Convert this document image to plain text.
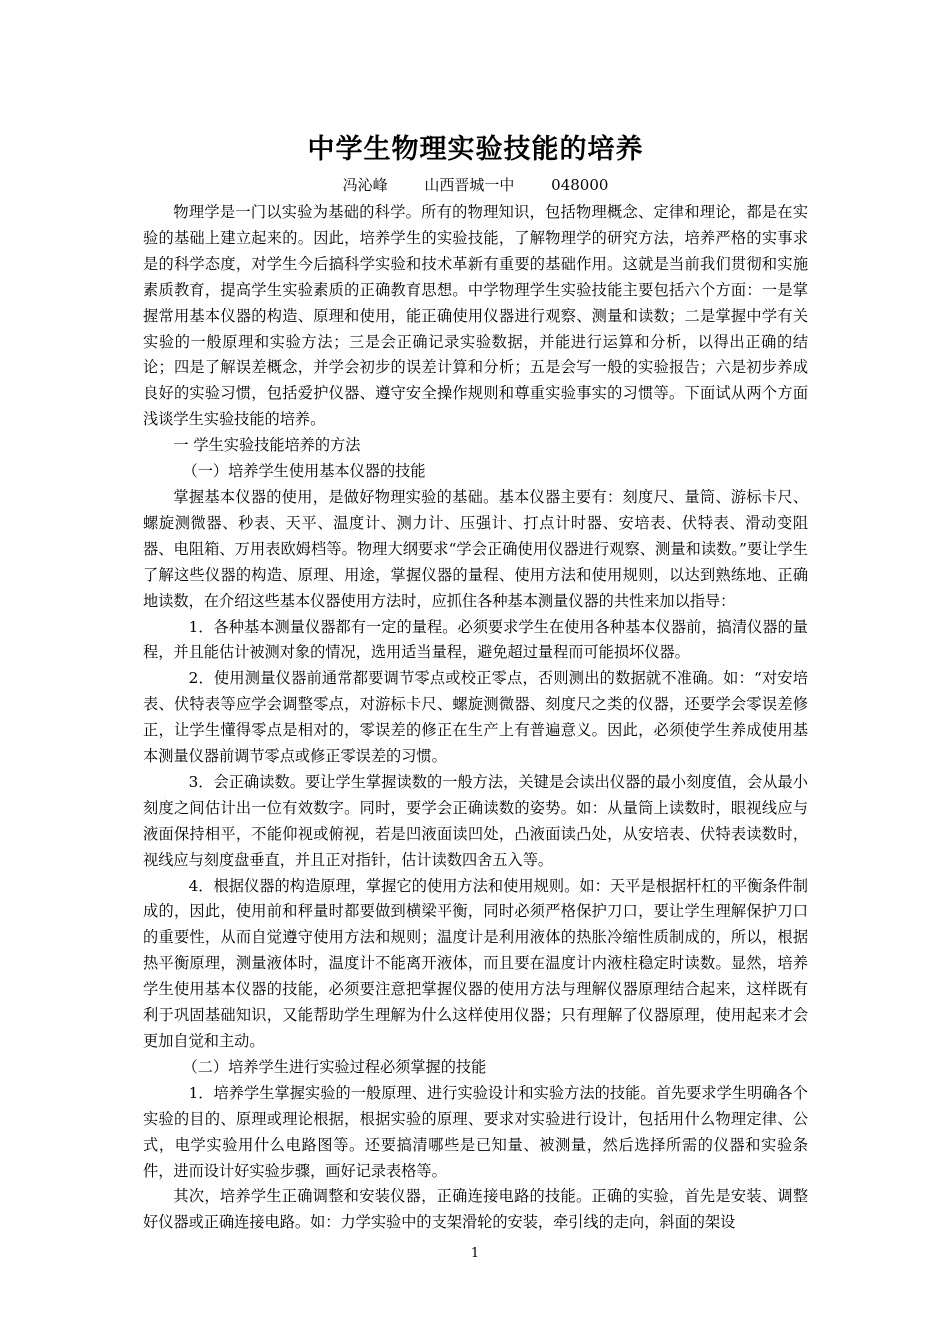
中学生物理实验技能的培养
冯沁峰 山西晋城一中 048000

物理学是一门以实验为基础的科学。所有的物理知识，包括物理概念、定律和理论，都是在实验的基础上建立起来的。因此，培养学生的实验技能，了解物理学的研究方法，培养严格的实事求是的科学态度，对学生今后搞科学实验和技术革新有重要的基础作用。这就是当前我们贯彻和实施素质教育，提高学生实验素质的正确教育思想。中学物理学生实验技能主要包括六个方面：一是掌握常用基本仪器的构造、原理和使用，能正确使用仪器进行观察、测量和读数；二是掌握中学有关实验的一般原理和实验方法；三是会正确记录实验数据，并能进行运算和分析，以得出正确的结论；四是了解误差概念，并学会初步的误差计算和分析；五是会写一般的实验报告；六是初步养成良好的实验习惯，包括爱护仪器、遵守安全操作规则和尊重实验事实的习惯等。下面试从两个方面浅谈学生实验技能的培养。

一 学生实验技能培养的方法

（一）培养学生使用基本仪器的技能

掌握基本仪器的使用，是做好物理实验的基础。基本仪器主要有：刻度尺、量筒、游标卡尺、螺旋测微器、秒表、天平、温度计、测力计、压强计、打点计时器、安培表、伏特表、滑动变阻器、电阻箱、万用表欧姆档等。物理大纲要求“学会正确使用仪器进行观察、测量和读数。”要让学生了解这些仪器的构造、原理、用途，掌握仪器的量程、使用方法和使用规则，以达到熟练地、正确地读数，在介绍这些基本仪器使用方法时，应抓住各种基本测量仪器的共性来加以指导：

1．各种基本测量仪器都有一定的量程。必须要求学生在使用各种基本仪器前，搞清仪器的量程，并且能估计被测对象的情况，选用适当量程，避免超过量程而可能损坏仪器。

2．使用测量仪器前通常都要调节零点或校正零点，否则测出的数据就不准确。如：“对安培表、伏特表等应学会调整零点，对游标卡尺、螺旋测微器、刻度尺之类的仪器，还要学会零误差修正，让学生懂得零点是相对的，零误差的修正在生产上有普遍意义。因此，必须使学生养成使用基本测量仪器前调节零点或修正零误差的习惯。

3．会正确读数。要让学生掌握读数的一般方法，关键是会读出仪器的最小刻度值，会从最小刻度之间估计出一位有效数字。同时，要学会正确读数的姿势。如：从量筒上读数时，眼视线应与液面保持相平，不能仰视或俯视，若是凹液面读凹处，凸液面读凸处，从安培表、伏特表读数时，视线应与刻度盘垂直，并且正对指针，估计读数四舍五入等。

4．根据仪器的构造原理，掌握它的使用方法和使用规则。如：天平是根据杆杠的平衡条件制成的，因此，使用前和秤量时都要做到横梁平衡，同时必须严格保护刀口，要让学生理解保护刀口的重要性，从而自觉遵守使用方法和规则；温度计是利用液体的热胀冷缩性质制成的，所以，根据热平衡原理，测量液体时，温度计不能离开液体，而且要在温度计内液柱稳定时读数。显然，培养学生使用基本仪器的技能，必须要注意把掌握仪器的使用方法与理解仪器原理结合起来，这样既有利于巩固基础知识，又能帮助学生理解为什么这样使用仪器；只有理解了仪器原理，使用起来才会更加自觉和主动。

（二）培养学生进行实验过程必须掌握的技能

1．培养学生掌握实验的一般原理、进行实验设计和实验方法的技能。首先要求学生明确各个实验的目的、原理或理论根据，根据实验的原理、要求对实验进行设计，包括用什么物理定律、公式，电学实验用什么电路图等。还要搞清哪些是已知量、被测量，然后选择所需的仪器和实验条件，进而设计好实验步骤，画好记录表格等。

其次，培养学生正确调整和安装仪器，正确连接电路的技能。正确的实验，首先是安装、调整好仪器或正确连接电路。如：力学实验中的支架滑轮的安装，牵引线的走向，斜面的架设

1
